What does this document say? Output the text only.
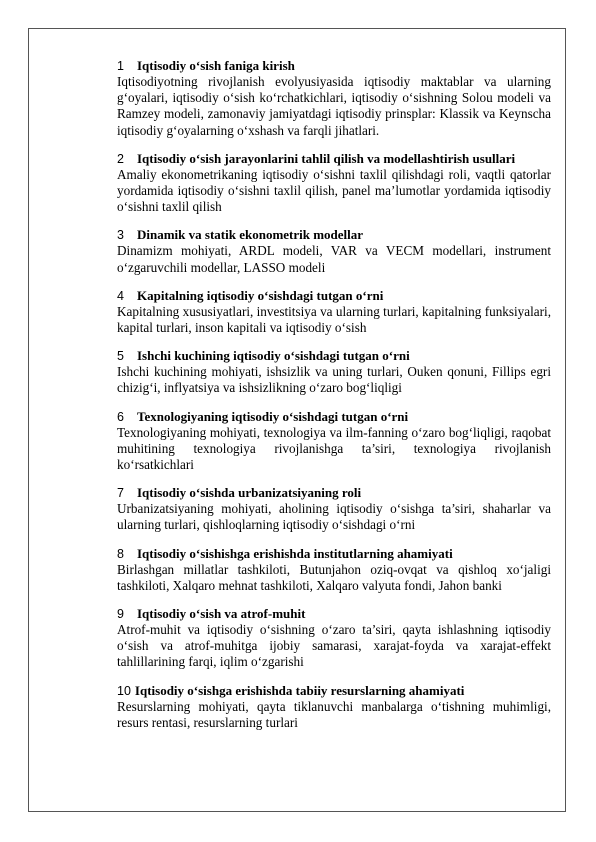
1 Iqtisodiy o‘sish faniga kirish

Iqtisodiyotning rivojlanish evolyusiyasida iqtisodiy maktablar va ularning g‘oyalari, iqtisodiy o‘sish ko‘rchatkichlari, iqtisodiy o‘sishning Solou modeli va Ramzey modeli, zamonaviy jamiyatdagi iqtisodiy prinsplar: Klassik va Keynscha iqtisodiy g‘oyalarning o‘xshash va farqli jihatlari.

2 Iqtisodiy o‘sish jarayonlarini tahlil qilish va modellashtirish usullari

Amaliy ekonometrikaning iqtisodiy o‘sishni taxlil qilishdagi roli, vaqtli qatorlar yordamida iqtisodiy o‘sishni taxlil qilish, panel ma’lumotlar yordamida iqtisodiy o‘sishni taxlil qilish

3 Dinamik va statik ekonometrik modellar

Dinamizm mohiyati, ARDL modeli, VAR va VECM modellari, instrument o‘zgaruvchili modellar, LASSO modeli

4 Kapitalning iqtisodiy o‘sishdagi tutgan o‘rni

Kapitalning xususiyatlari, investitsiya va ularning turlari, kapitalning funksiyalari, kapital turlari, inson kapitali va iqtisodiy o‘sish

5 Ishchi kuchining iqtisodiy o‘sishdagi tutgan o‘rni

Ishchi kuchining mohiyati, ishsizlik va uning turlari, Ouken qonuni, Fillips egri chizig‘i, inflyatsiya va ishsizlikning o‘zaro bog‘liqligi

6 Texnologiyaning iqtisodiy o‘sishdagi tutgan o‘rni

Texnologiyaning mohiyati, texnologiya va ilm-fanning o‘zaro bog‘liqligi, raqobat muhitining texnologiya rivojlanishga ta’siri, texnologiya rivojlanish ko‘rsatkichlari

7 Iqtisodiy o‘sishda urbanizatsiyaning roli

Urbanizatsiyaning mohiyati, aholining iqtisodiy o‘sishga ta’siri, shaharlar va ularning turlari, qishloqlarning iqtisodiy o‘sishdagi o‘rni

8 Iqtisodiy o‘sishishga erishishda institutlarning ahamiyati

Birlashgan millatlar tashkiloti, Butunjahon oziq-ovqat va qishloq xo‘jaligi tashkiloti, Xalqaro mehnat tashkiloti, Xalqaro valyuta fondi, Jahon banki

9 Iqtisodiy o‘sish va atrof-muhit

Atrof-muhit va iqtisodiy o‘sishning o‘zaro ta’siri, qayta ishlashning iqtisodiy o‘sish va atrof-muhitga ijobiy samarasi, xarajat-foyda va xarajat-effekt tahlillarining farqi, iqlim o‘zgarishi

10 Iqtisodiy o‘sishga erishishda tabiiy resurslarning ahamiyati

Resurslarning mohiyati, qayta tiklanuvchi manbalarga o‘tishning muhimligi, resurs rentasi, resurslarning turlari
